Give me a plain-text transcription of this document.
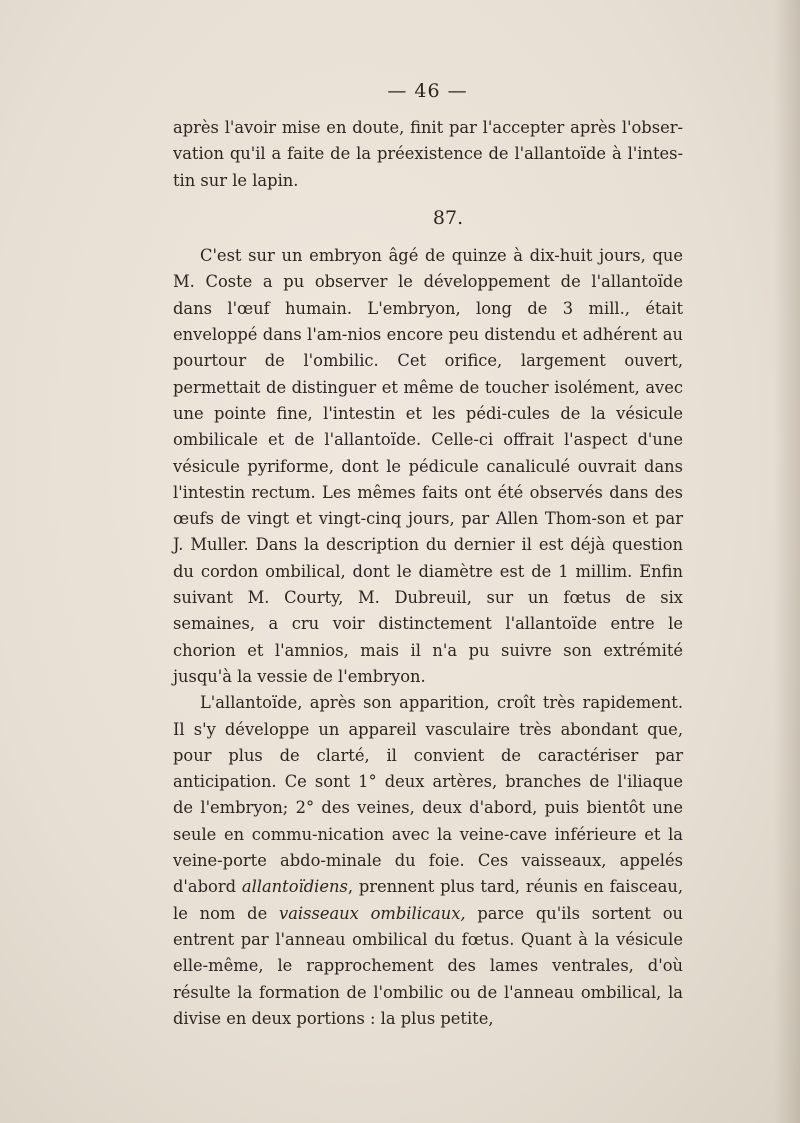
— 46 —

après l'avoir mise en doute, finit par l'accepter après l'obser-vation qu'il a faite de la préexistence de l'allantoïde à l'intes-tin sur le lapin.

87.

C'est sur un embryon âgé de quinze à dix-huit jours, que M. Coste a pu observer le développement de l'allantoïde dans l'œuf humain. L'embryon, long de 3 mill., était enveloppé dans l'am-nios encore peu distendu et adhérent au pourtour de l'ombilic. Cet orifice, largement ouvert, permettait de distinguer et même de toucher isolément, avec une pointe fine, l'intestin et les pédi-cules de la vésicule ombilicale et de l'allantoïde. Celle-ci offrait l'aspect d'une vésicule pyriforme, dont le pédicule canaliculé ouvrait dans l'intestin rectum. Les mêmes faits ont été observés dans des œufs de vingt et vingt-cinq jours, par Allen Thom-son et par J. Muller. Dans la description du dernier il est déjà question du cordon ombilical, dont le diamètre est de 1 millim. Enfin suivant M. Courty, M. Dubreuil, sur un fœtus de six semaines, a cru voir distinctement l'allantoïde entre le chorion et l'amnios, mais il n'a pu suivre son extrémité jusqu'à la vessie de l'embryon.

L'allantoïde, après son apparition, croît très rapidement. Il s'y développe un appareil vasculaire très abondant que, pour plus de clarté, il convient de caractériser par anticipation. Ce sont 1° deux artères, branches de l'iliaque de l'embryon; 2° des veines, deux d'abord, puis bientôt une seule en commu-nication avec la veine-cave inférieure et la veine-porte abdo-minale du foie. Ces vaisseaux, appelés d'abord allantoïdiens, prennent plus tard, réunis en faisceau, le nom de vaisseaux ombilicaux, parce qu'ils sortent ou entrent par l'anneau ombilical du fœtus. Quant à la vésicule elle-même, le rapprochement des lames ventrales, d'où résulte la formation de l'ombilic ou de l'anneau ombilical, la divise en deux portions : la plus petite,
